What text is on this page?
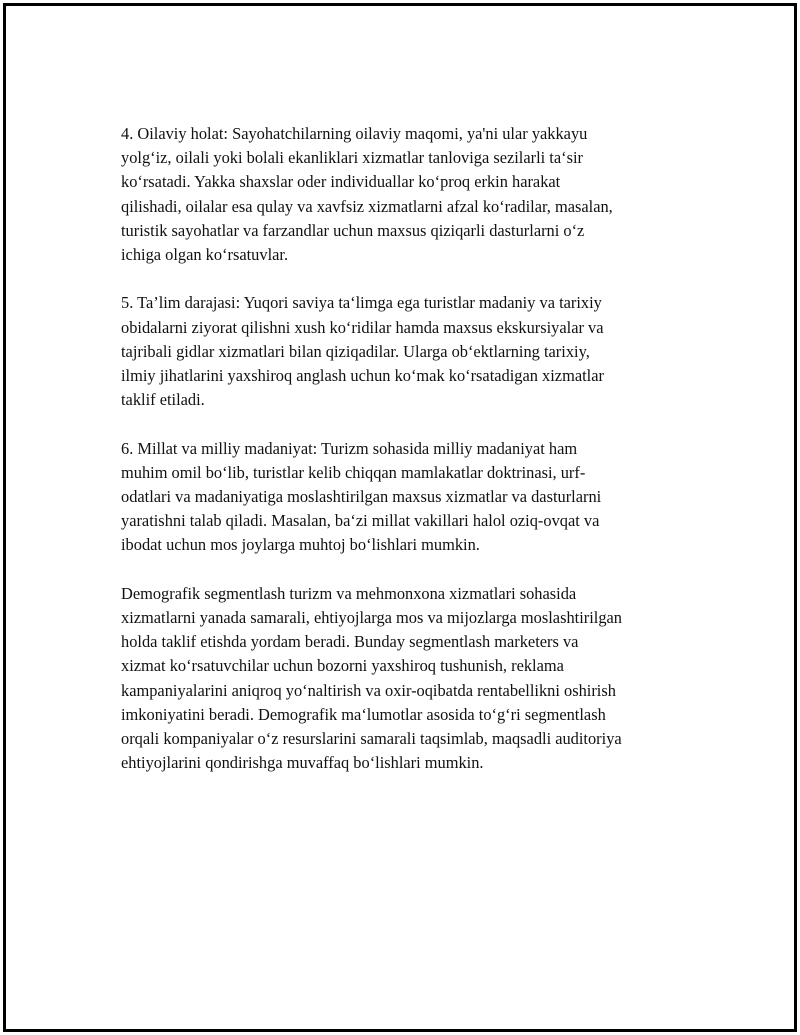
4. Oilaviy holat: Sayohatchilarning oilaviy maqomi, ya'ni ular yakkayu
yolg‘iz, oilali yoki bolali ekanliklari xizmatlar tanloviga sezilarli ta‘sir
ko‘rsatadi. Yakka shaxslar oder individuallar ko‘proq erkin harakat
qilishadi, oilalar esa qulay va xavfsiz xizmatlarni afzal ko‘radilar, masalan,
turistik sayohatlar va farzandlar uchun maxsus qiziqarli dasturlarni o‘z
ichiga olgan ko‘rsatuvlar.

5. Ta’lim darajasi: Yuqori saviya ta‘limga ega turistlar madaniy va tarixiy
obidalarni ziyorat qilishni xush ko‘ridilar hamda maxsus ekskursiyalar va
tajribali gidlar xizmatlari bilan qiziqadilar. Ularga ob‘ektlarning tarixiy,
ilmiy jihatlarini yaxshiroq anglash uchun ko‘mak ko‘rsatadigan xizmatlar
taklif etiladi.

6. Millat va milliy madaniyat: Turizm sohasida milliy madaniyat ham
muhim omil bo‘lib, turistlar kelib chiqqan mamlakatlar doktrinasi, urf-
odatlari va madaniyatiga moslashtirilgan maxsus xizmatlar va dasturlarni
yaratishni talab qiladi. Masalan, ba‘zi millat vakillari halol oziq-ovqat va
ibodat uchun mos joylarga muhtoj bo‘lishlari mumkin.

Demografik segmentlash turizm va mehmonxona xizmatlari sohasida
xizmatlarni yanada samarali, ehtiyojlarga mos va mijozlarga moslashtirilgan
holda taklif etishda yordam beradi. Bunday segmentlash marketers va
xizmat ko‘rsatuvchilar uchun bozorni yaxshiroq tushunish, reklama
kampaniyalarini aniqroq yo‘naltirish va oxir-oqibatda rentabellikni oshirish
imkoniyatini beradi. Demografik ma‘lumotlar asosida to‘g‘ri segmentlash
orqali kompaniyalar o‘z resurslarini samarali taqsimlab, maqsadli auditoriya
ehtiyojlarini qondirishga muvaffaq bo‘lishlari mumkin.
